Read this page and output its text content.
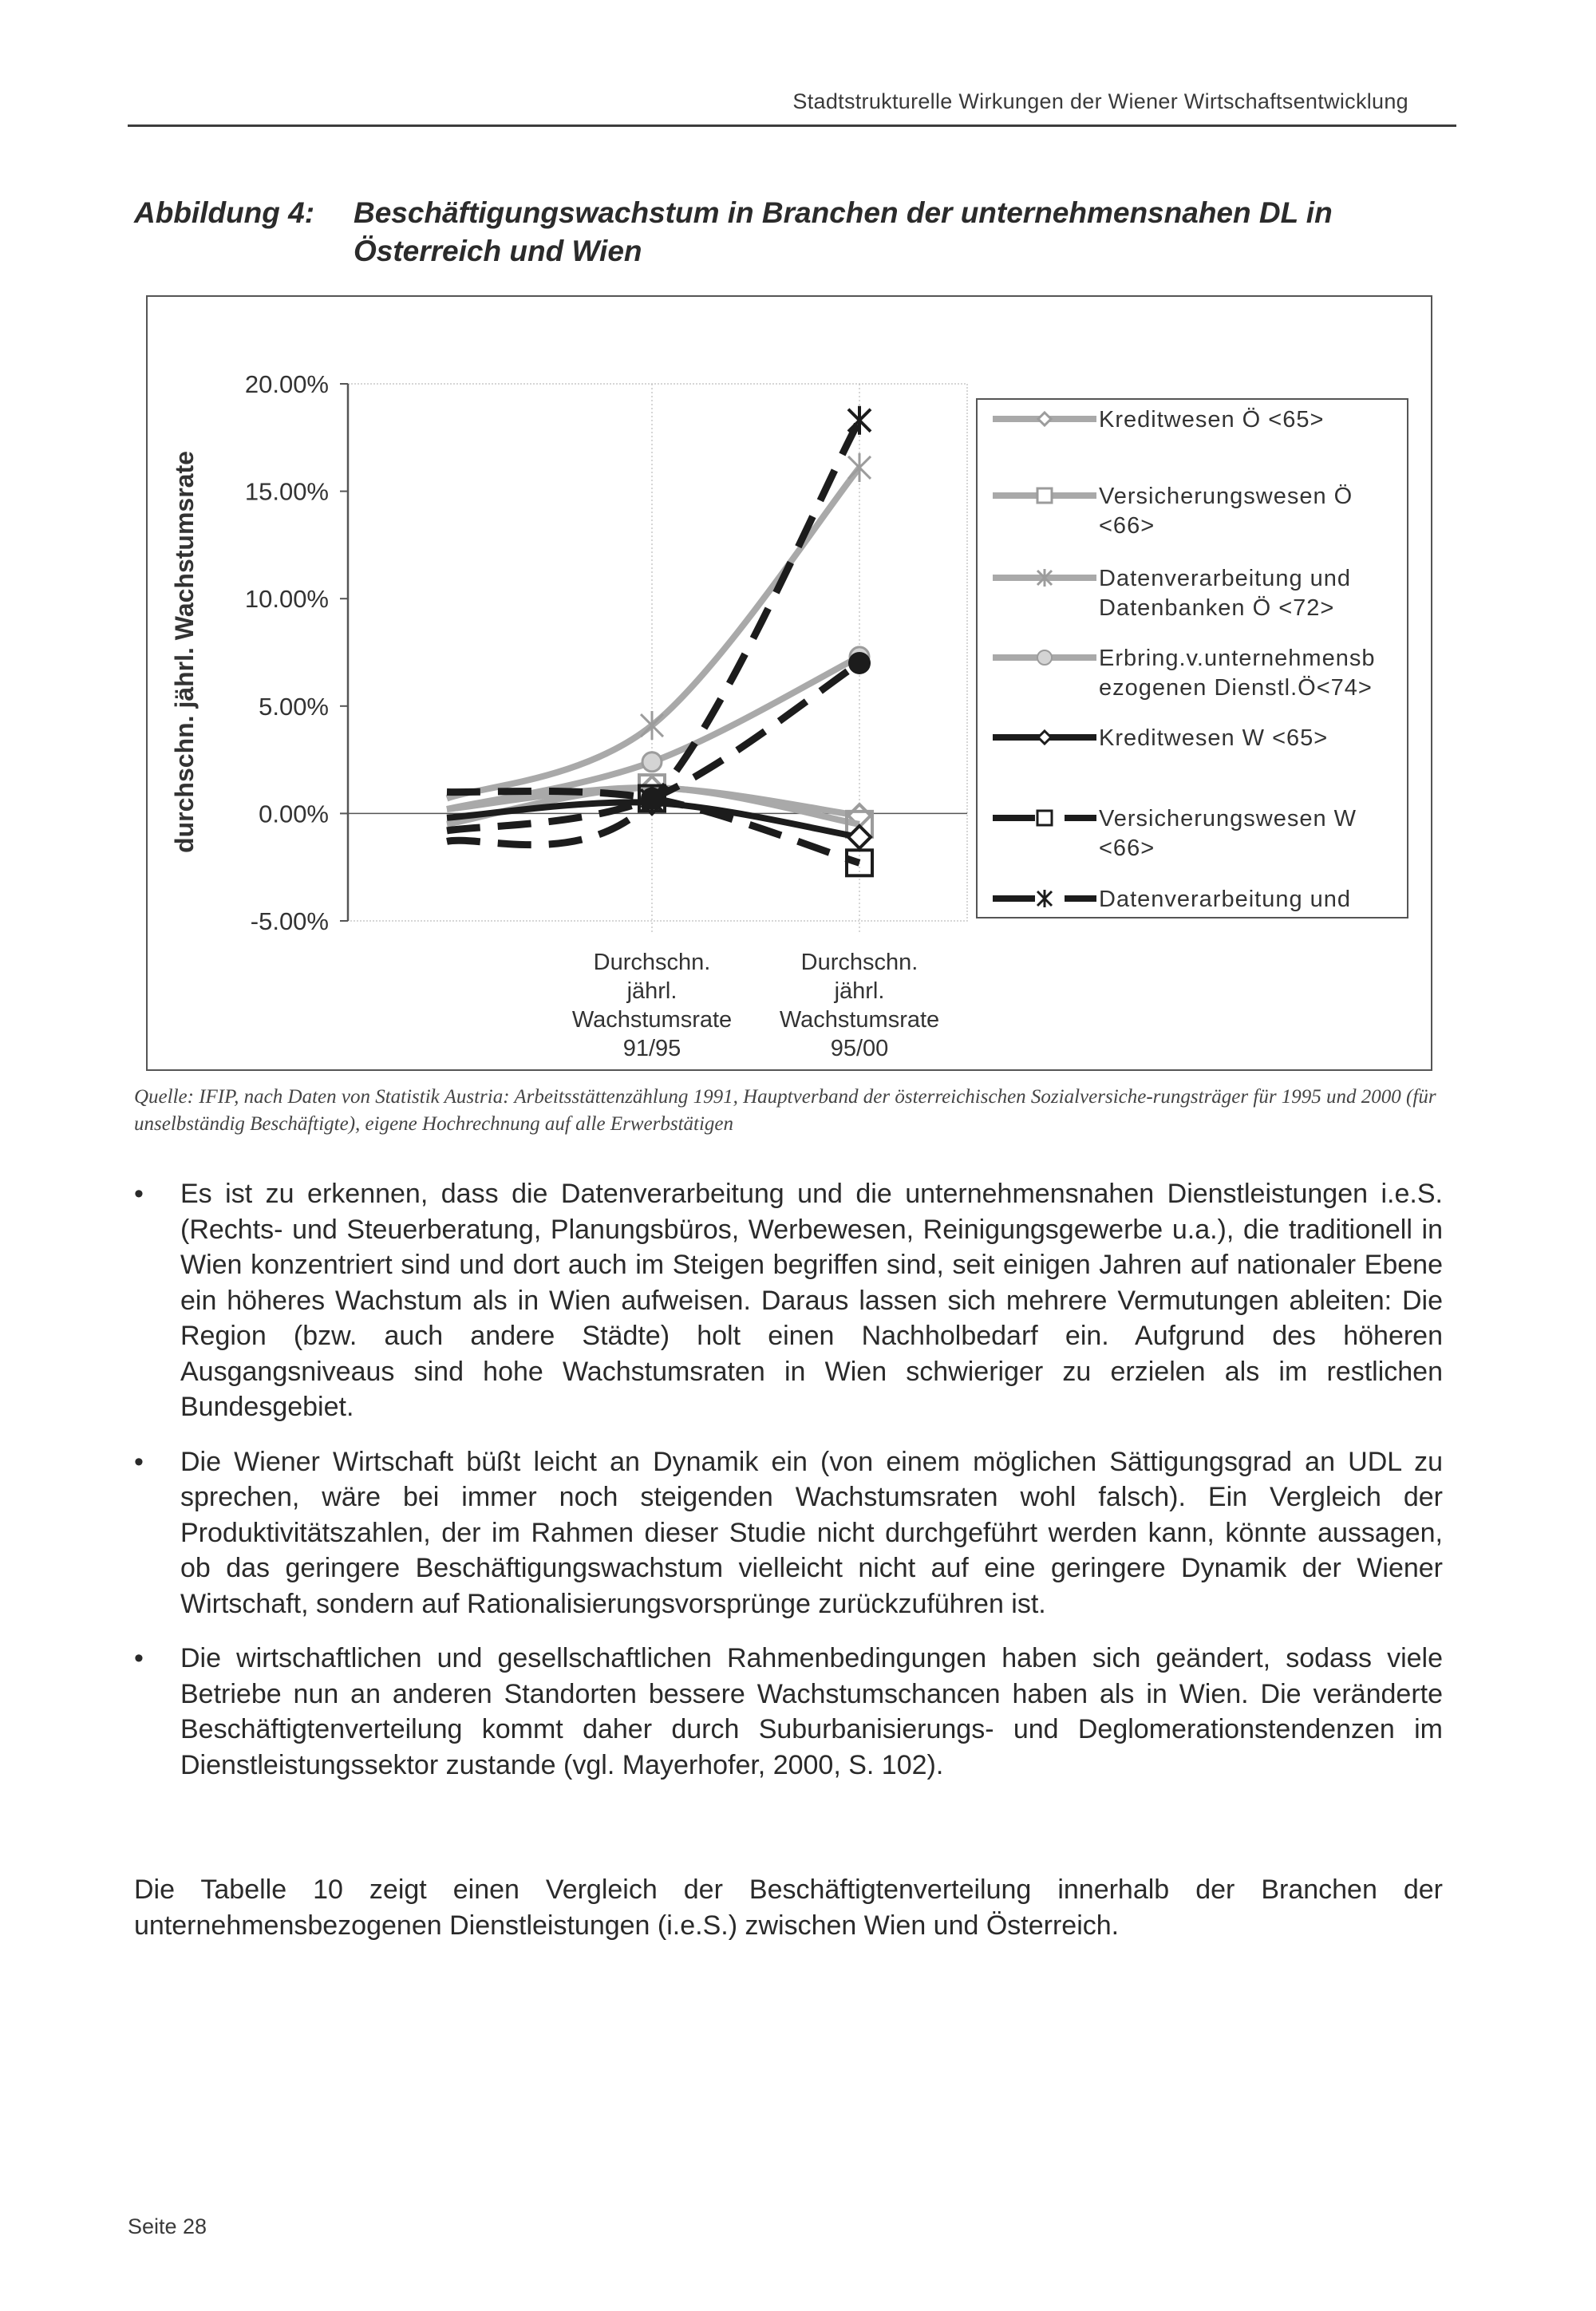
Stadtstrukturelle Wirkungen der Wiener Wirtschaftsentwicklung
Abbildung 4: Beschäftigungswachstum in Branchen der unternehmensnahen DL in Österreich und Wien
-5.00%
0.00%
5.00%
10.00%
15.00%
20.00%
durchschn. jährl. Wachstumsrate
Durchschn.
jährl.
Wachstumsrate
91/95
Durchschn.
jährl.
Wachstumsrate
95/00
Kreditwesen Ö <65>
Versicherungswesen Ö
<66>
Datenverarbeitung und
Datenbanken Ö <72>
Erbring.v.unternehmensb
ezogenen Dienstl.Ö<74>
Kreditwesen W <65>
Versicherungswesen W
<66>
Datenverarbeitung und
Quelle: IFIP, nach Daten von Statistik Austria: Arbeitsstättenzählung 1991, Hauptverband der österreichischen Sozialversiche-rungsträger für 1995 und 2000 (für unselbständig Beschäftigte), eigene Hochrechnung auf alle Erwerbstätigen
• Es ist zu erkennen, dass die Datenverarbeitung und die unternehmensnahen Dienstleistungen i.e.S. (Rechts- und Steuerberatung, Planungsbüros, Werbewesen, Reinigungsgewerbe u.a.), die traditionell in Wien konzentriert sind und dort auch im Steigen begriffen sind, seit einigen Jahren auf nationaler Ebene ein höheres Wachstum als in Wien aufweisen. Daraus lassen sich mehrere Vermutungen ableiten: Die Region (bzw. auch andere Städte) holt einen Nachholbedarf ein. Aufgrund des höheren Ausgangsniveaus sind hohe Wachstumsraten in Wien schwieriger zu erzielen als im restlichen Bundesgebiet.
• Die Wiener Wirtschaft büßt leicht an Dynamik ein (von einem möglichen Sättigungsgrad an UDL zu sprechen, wäre bei immer noch steigenden Wachstumsraten wohl falsch). Ein Vergleich der Produktivitätszahlen, der im Rahmen dieser Studie nicht durchgeführt werden kann, könnte aussagen, ob das geringere Beschäftigungswachstum vielleicht nicht auf eine geringere Dynamik der Wiener Wirtschaft, sondern auf Rationalisierungsvorsprünge zurückzuführen ist.
• Die wirtschaftlichen und gesellschaftlichen Rahmenbedingungen haben sich geändert, sodass viele Betriebe nun an anderen Standorten bessere Wachstumschancen haben als in Wien. Die veränderte Beschäftigtenverteilung kommt daher durch Suburbanisierungs- und Deglomerationstendenzen im Dienstleistungssektor zustande (vgl. Mayerhofer, 2000, S. 102).
Die Tabelle 10 zeigt einen Vergleich der Beschäftigtenverteilung innerhalb der Branchen der unternehmensbezogenen Dienstleistungen (i.e.S.) zwischen Wien und Österreich.
Seite 28
